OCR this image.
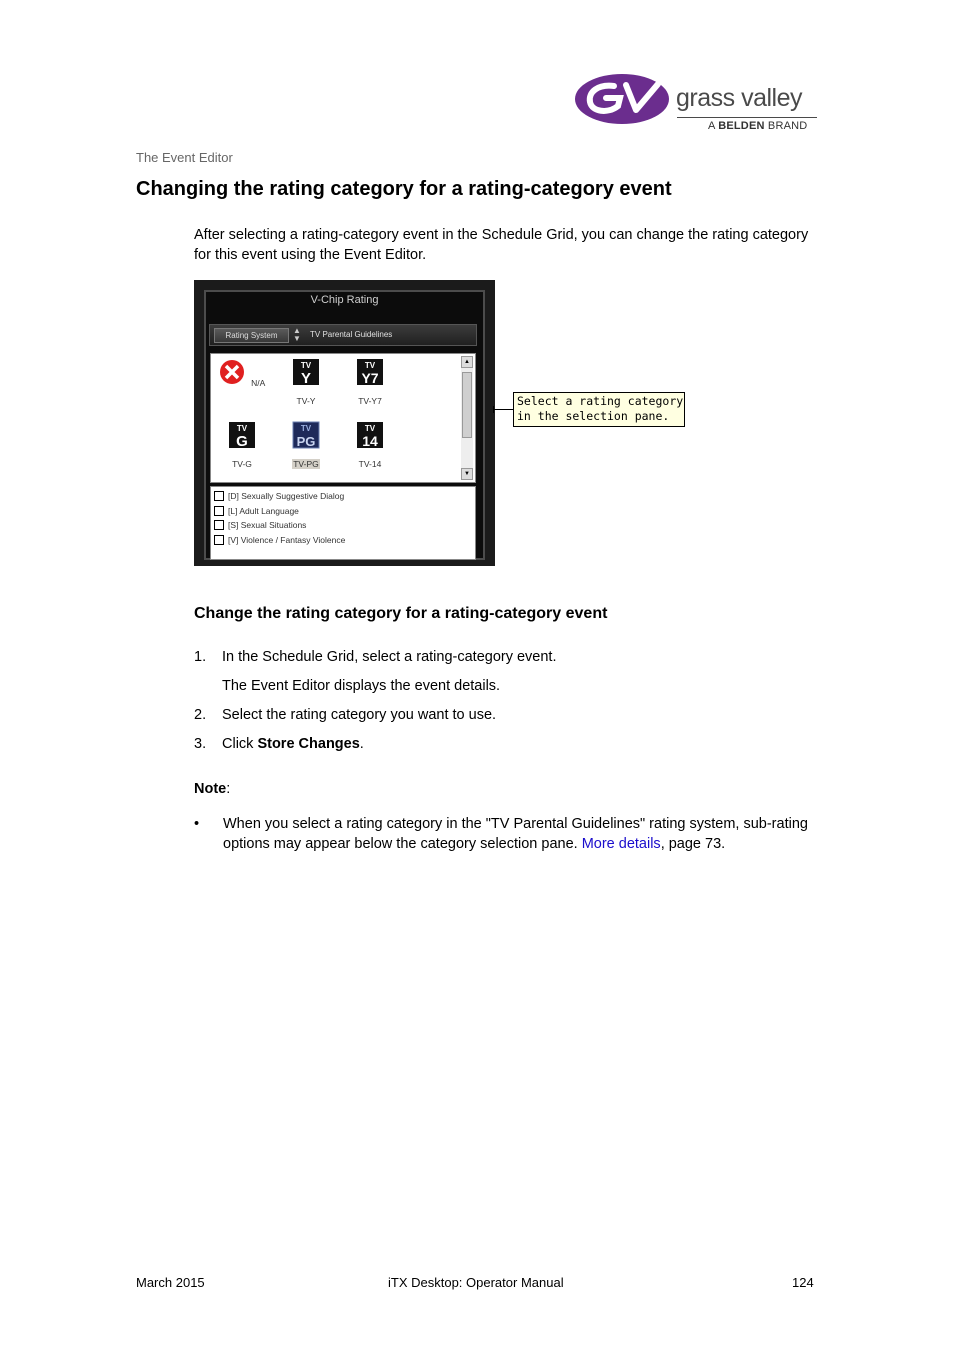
grass valley
A BELDEN BRAND
The Event Editor
Changing the rating category for a rating-category event
After selecting a rating-category event in the Schedule Grid, you can change the rating category for this event using the Event Editor.
V-Chip Rating
Rating System
▲
▼ TV Parental Guidelines
N/A
TV
Y
TV-Y
TV
Y7
TV-Y7
TV
G
TV-G
TV
PG
TV-PG
TV
14
TV-14
▲
▼
[D] Sexually Suggestive Dialog
[L] Adult Language
[S] Sexual Situations
[V] Violence / Fantasy Violence
Select a rating category
in the selection pane.
Change the rating category for a rating-category event
1. In the Schedule Grid, select a rating-category event.
The Event Editor displays the event details.
2. Select the rating category you want to use.
3. Click Store Changes.
Note:
• When you select a rating category in the "TV Parental Guidelines" rating system, sub-rating options may appear below the category selection pane. More details, page 73.
March 2015	iTX Desktop: Operator Manual	124
